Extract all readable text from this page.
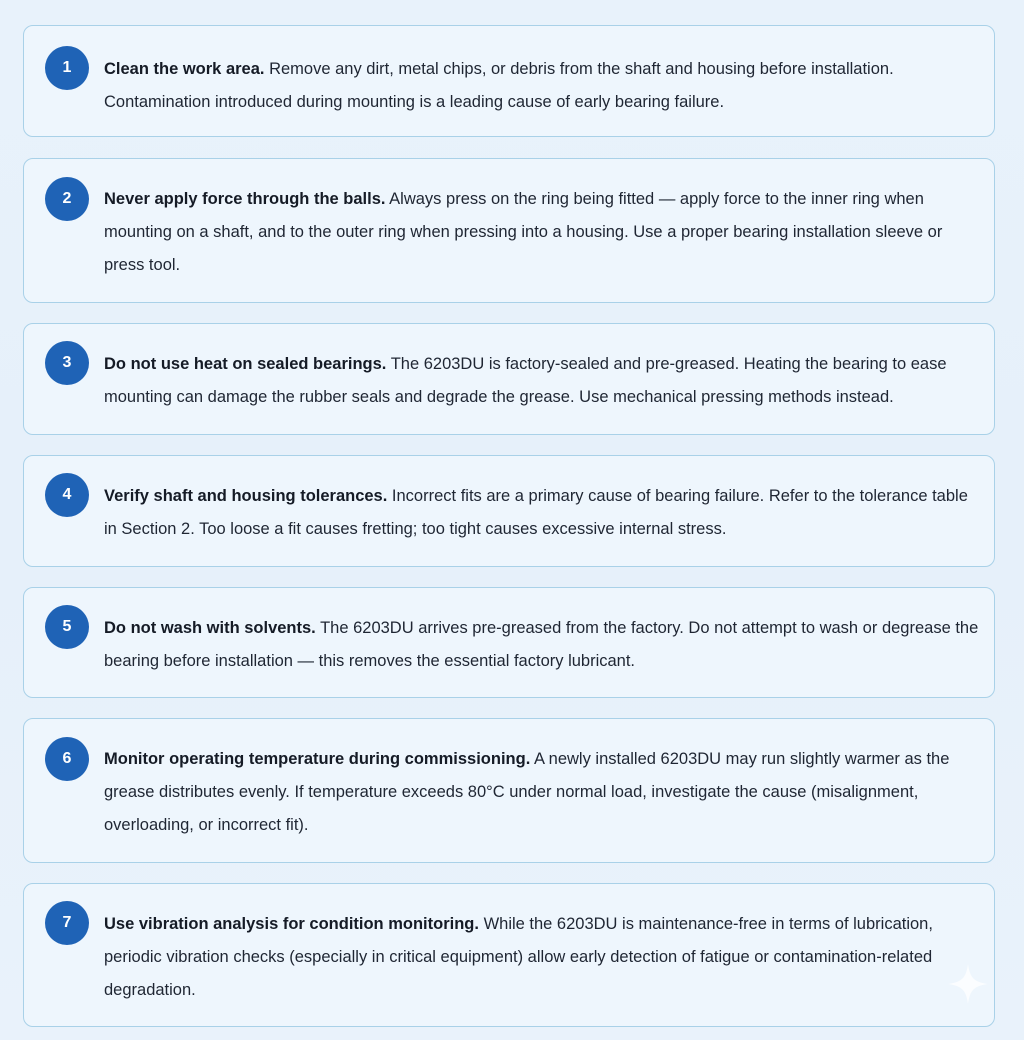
1	Clean the work area. Remove any dirt, metal chips, or debris from the shaft and housing before installation. Contamination introduced during mounting is a leading cause of early bearing failure.
2	Never apply force through the balls. Always press on the ring being fitted — apply force to the inner ring when mounting on a shaft, and to the outer ring when pressing into a housing. Use a proper bearing installation sleeve or press tool.
3	Do not use heat on sealed bearings. The 6203DU is factory-sealed and pre-greased. Heating the bearing to ease mounting can damage the rubber seals and degrade the grease. Use mechanical pressing methods instead.
4	Verify shaft and housing tolerances. Incorrect fits are a primary cause of bearing failure. Refer to the tolerance table in Section 2. Too loose a fit causes fretting; too tight causes excessive internal stress.
5	Do not wash with solvents. The 6203DU arrives pre-greased from the factory. Do not attempt to wash or degrease the bearing before installation — this removes the essential factory lubricant.
6	Monitor operating temperature during commissioning. A newly installed 6203DU may run slightly warmer as the grease distributes evenly. If temperature exceeds 80°C under normal load, investigate the cause (misalignment, overloading, or incorrect fit).
7	Use vibration analysis for condition monitoring. While the 6203DU is maintenance-free in terms of lubrication, periodic vibration checks (especially in critical equipment) allow early detection of fatigue or contamination-related degradation.
